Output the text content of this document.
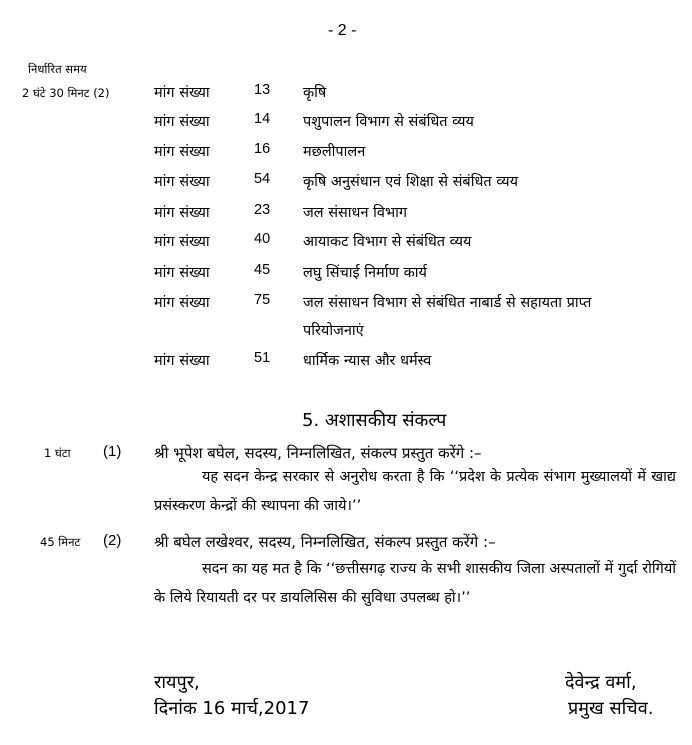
- 2 -
निर्धारित समय
2 घंटे 30 मिनट (2)	मांग संख्या	13 कृषि
मांग संख्या	14 पशुपालन विभाग से संबंधित व्यय
मांग संख्या	16 मछलीपालन
मांग संख्या	54 कृषि अनुसंधान एवं शिक्षा से संबंधित व्यय
मांग संख्या	23 जल संसाधन विभाग
मांग संख्या	40 आयाकट विभाग से संबंधित व्यय
मांग संख्या	45 लघु सिंचाई निर्माण कार्य
मांग संख्या	75 जल संसाधन विभाग से संबंधित नाबार्ड से सहायता प्राप्त
परियोजनाएं
मांग संख्या	51 धार्मिक न्यास और धर्मस्व
5. अशासकीय संकल्प
1 घंटा (1) श्री भूपेश बघेल, सदस्य, निम्नलिखित, संकल्प प्रस्तुत करेंगे :–
यह सदन केन्द्र सरकार से अनुरोध करता है कि ‘‘प्रदेश के प्रत्येक संभाग मुख्यालयों में खाद्य प्रसंस्करण केन्द्रों की स्थापना की जाये।’’
45 मिनट (2) श्री बघेल लखेश्वर, सदस्य, निम्नलिखित, संकल्प प्रस्तुत करेंगे :–
सदन का यह मत है कि ‘‘छत्तीसगढ़ राज्य के सभी शासकीय जिला अस्पतालों में गुर्दा रोगियों के लिये रियायती दर पर डायलिसिस की सुविधा उपलब्ध हो।’’
रायपुर,
दिनांक 16 मार्च,2017
देवेन्द्र वर्मा,
प्रमुख सचिव.
